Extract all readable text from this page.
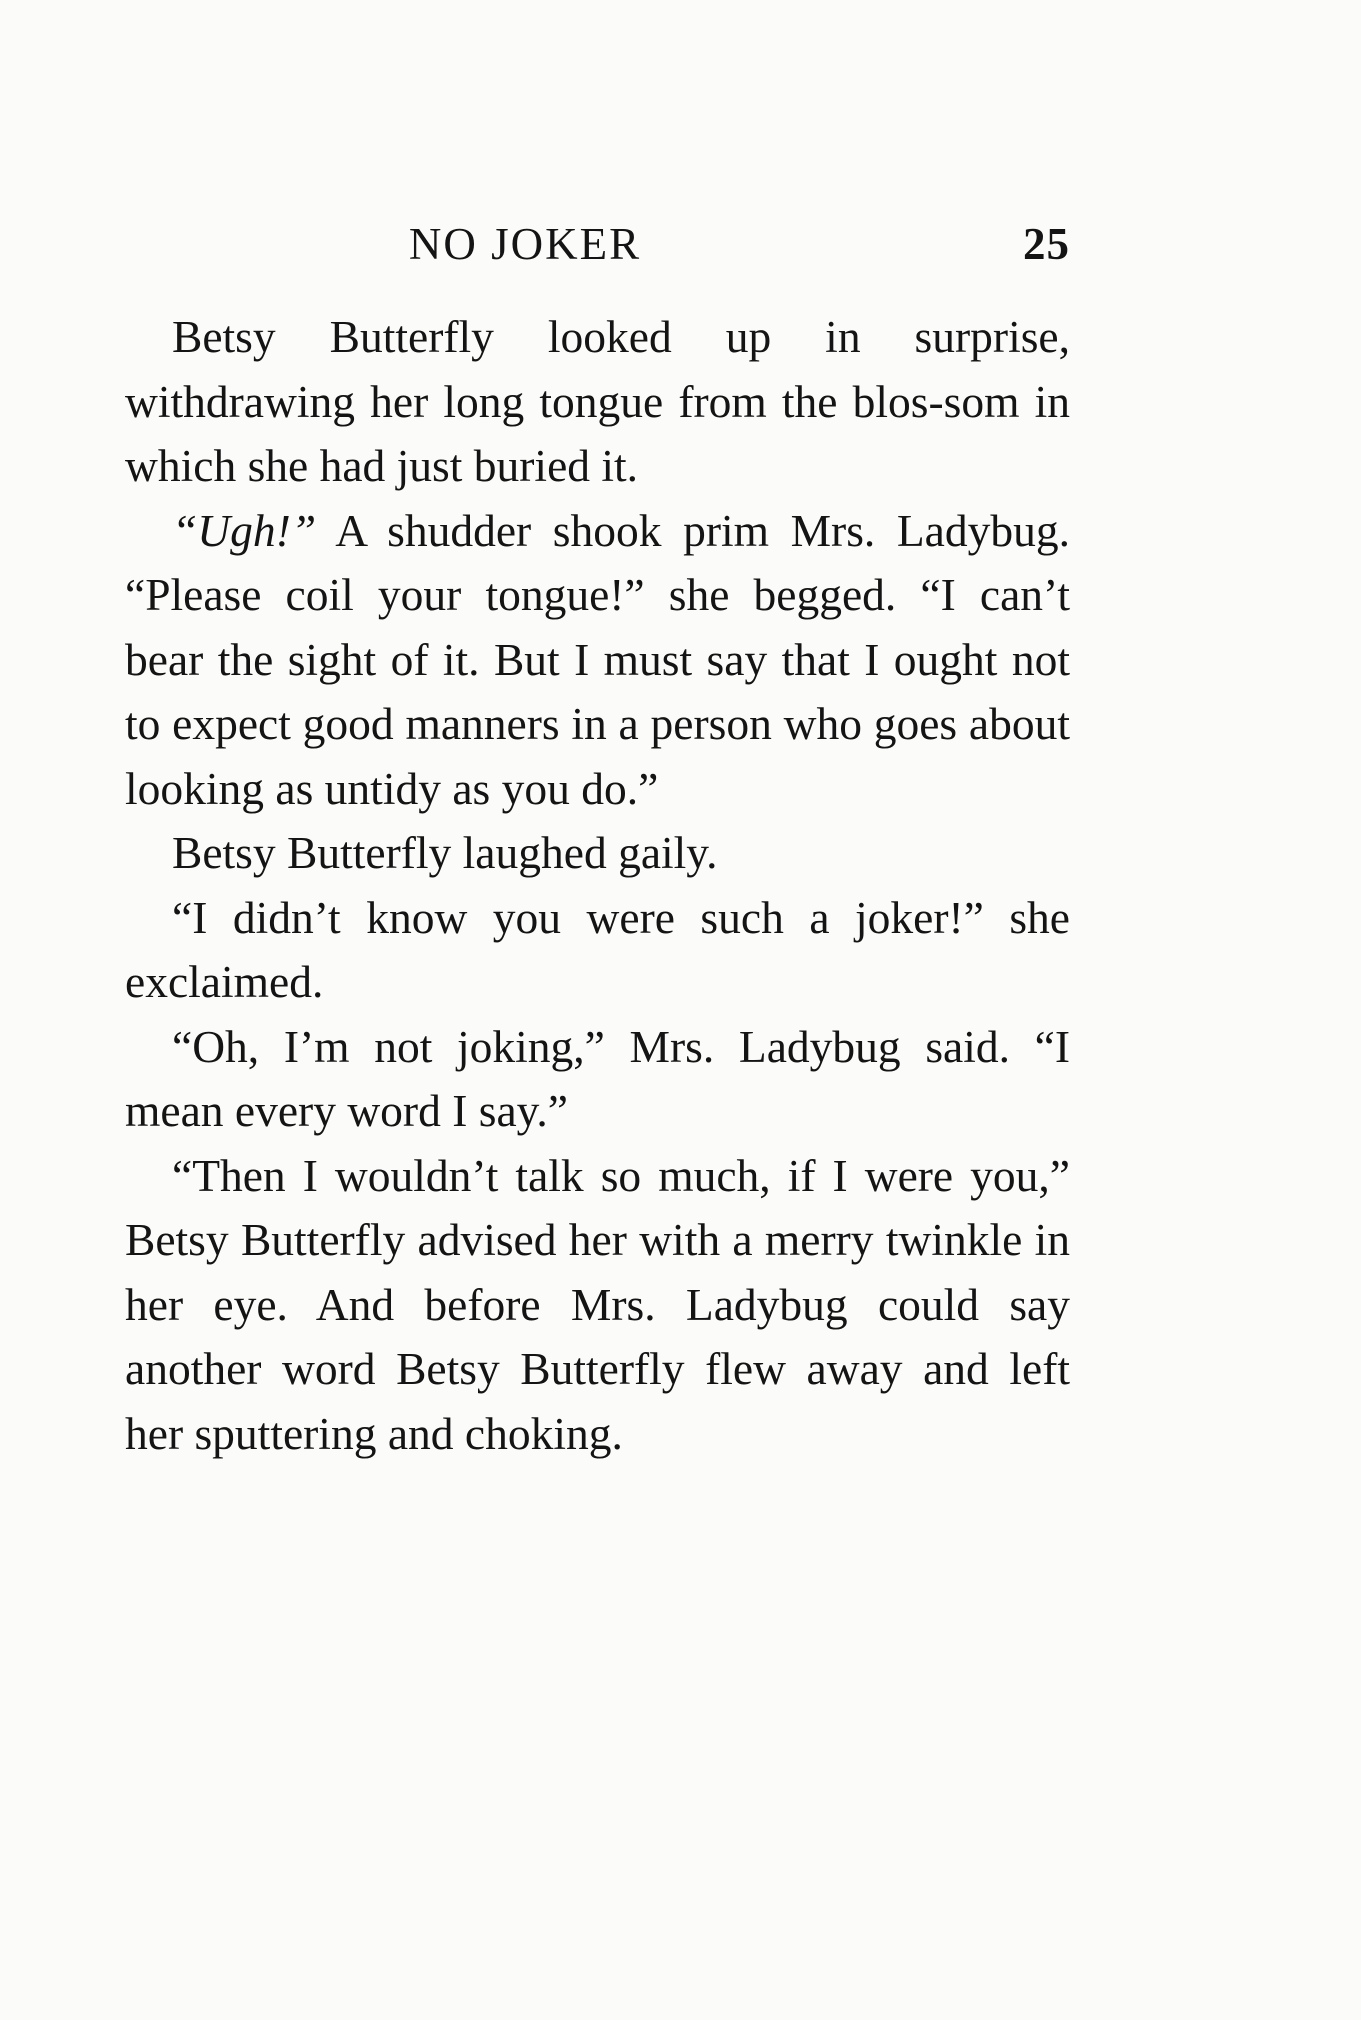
NO JOKER	25

Betsy Butterfly looked up in surprise, withdrawing her long tongue from the blos-som in which she had just buried it.

“Ugh!” A shudder shook prim Mrs. Ladybug. “Please coil your tongue!” she begged. “I can’t bear the sight of it. But I must say that I ought not to expect good manners in a person who goes about looking as untidy as you do.”

Betsy Butterfly laughed gaily.

“I didn’t know you were such a joker!” she exclaimed.

“Oh, I’m not joking,” Mrs. Ladybug said. “I mean every word I say.”

“Then I wouldn’t talk so much, if I were you,” Betsy Butterfly advised her with a merry twinkle in her eye. And before Mrs. Ladybug could say another word Betsy Butterfly flew away and left her sputtering and choking.
